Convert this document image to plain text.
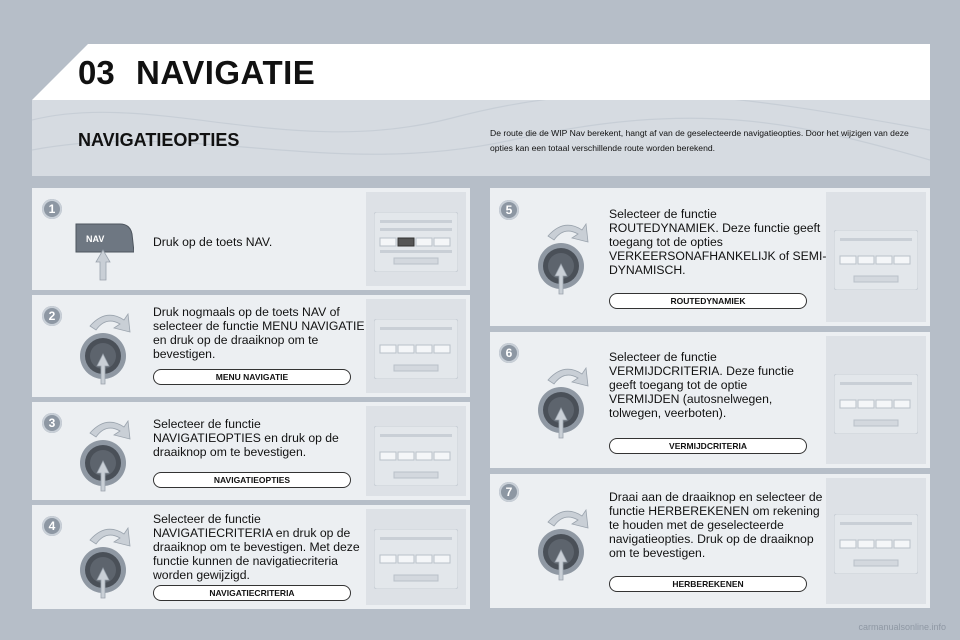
03 NAVIGATIE
NAVIGATIEOPTIES	De route die de WIP Nav berekent, hangt af van de geselecteerde navigatieopties. Door het wijzigen van deze opties kan een totaal verschillende route worden berekend.
1
NAV	Druk op de toets NAV.
2	Druk nogmaals op de toets NAV of selecteer de functie MENU NAVIGATIE en druk op de draaiknop om te bevestigen.
MENU NAVIGATIE
3	Selecteer de functie NAVIGATIEOPTIES en druk op de draaiknop om te bevestigen.
NAVIGATIEOPTIES
4	Selecteer de functie NAVIGATIECRITERIA en druk op de draaiknop om te bevestigen. Met deze functie kunnen de navigatiecriteria worden gewijzigd.
NAVIGATIECRITERIA
5	Selecteer de functie ROUTEDYNAMIEK. Deze functie geeft toegang tot de opties VERKEERSONAFHANKELIJK of SEMI-DYNAMISCH.
ROUTEDYNAMIEK
6	Selecteer de functie VERMIJDCRITERIA. Deze functie geeft toegang tot de optie VERMIJDEN (autosnelwegen, tolwegen, veerboten).
VERMIJDCRITERIA
7	Draai aan de draaiknop en selecteer de functie HERBEREKENEN om rekening te houden met de geselecteerde navigatieopties. Druk op de draaiknop om te bevestigen.
HERBEREKENEN
carmanualsonline.info
